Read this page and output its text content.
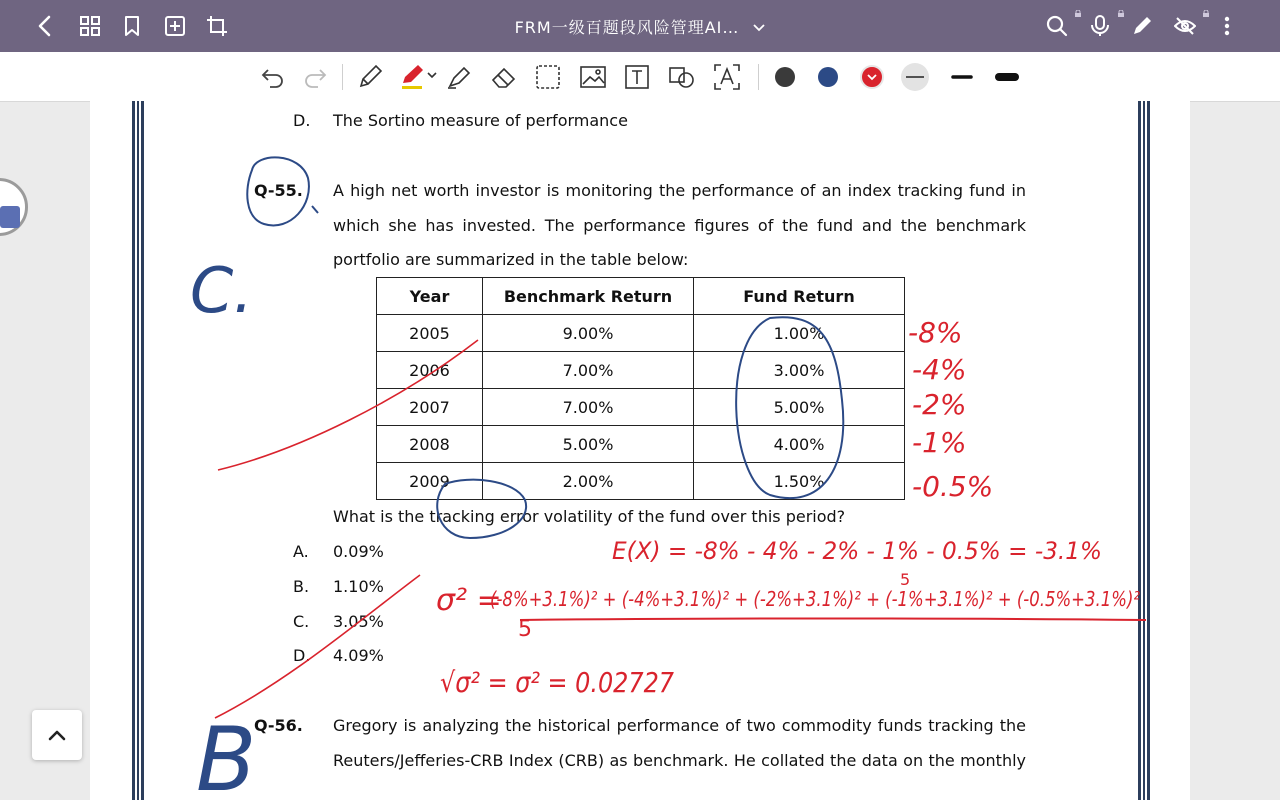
FRM一级百题段风险管理AI…
D. The Sortino measure of performance
Q-55. A high net worth investor is monitoring the performance of an index tracking fund in
which she has invested. The performance figures of the fund and the benchmark
portfolio are summarized in the table below:
Year	Benchmark Return	Fund Return
2005	9.00%	1.00%
2006	7.00%	3.00%
2007	7.00%	5.00%
2008	5.00%	4.00%
2009	2.00%	1.50%
What is the tracking error volatility of the fund over this period?
A. 0.09%
B. 1.10%
C. 3.05%
D. 4.09%
Q-56. Gregory is analyzing the historical performance of two commodity funds tracking the
Reuters/Jefferies-CRB Index (CRB) as benchmark. He collated the data on the monthly
C.
B
-8%
-4%
-2%
-1%
-0.5%
E(X) = -8% - 4% - 2% - 1% - 0.5% = -3.1%
5
σ² =
(-8%+3.1%)² + (-4%+3.1%)² + (-2%+3.1%)² + (-1%+3.1%)² + (-0.5%+3.1%)²
5
√σ² = σ² = 0.02727
